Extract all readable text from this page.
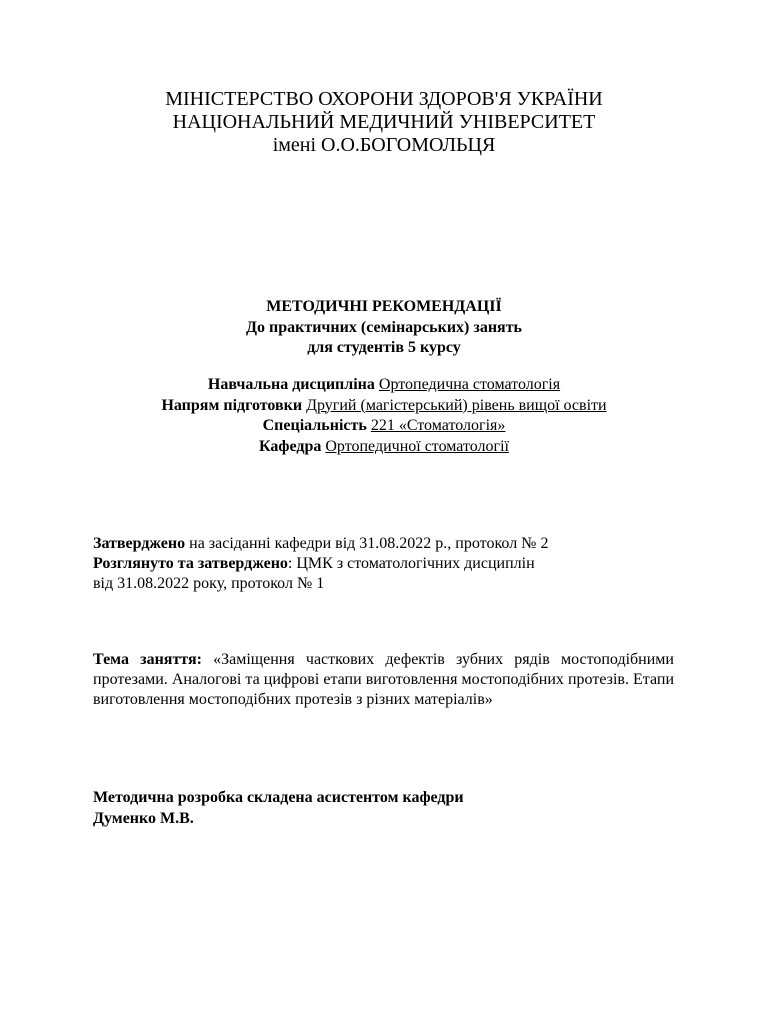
МІНІСТЕРСТВО ОХОРОНИ ЗДОРОВ'Я УКРАЇНИ
НАЦІОНАЛЬНИЙ МЕДИЧНИЙ УНІВЕРСИТЕТ
імені О.О.БОГОМОЛЬЦЯ
МЕТОДИЧНІ РЕКОМЕНДАЦІЇ
До практичних (семінарських) занять
для студентів 5 курсу
Навчальна дисципліна Ортопедична стоматологія
Напрям підготовки Другий (магістерський) рівень вищої освіти
Спеціальність 221 «Стоматологія»
Кафедра Ортопедичної стоматології
Затверджено на засіданні кафедри від 31.08.2022 р., протокол № 2
Розглянуто та затверджено: ЦМК з стоматологічних дисциплін
від 31.08.2022 року, протокол № 1
Тема заняття: «Заміщення часткових дефектів зубних рядів мостоподібними протезами. Аналогові та цифрові етапи виготовлення мостоподібних протезів. Етапи виготовлення мостоподібних протезів з різних матеріалів»
Методична розробка складена асистентом кафедри
Думенко М.В.
